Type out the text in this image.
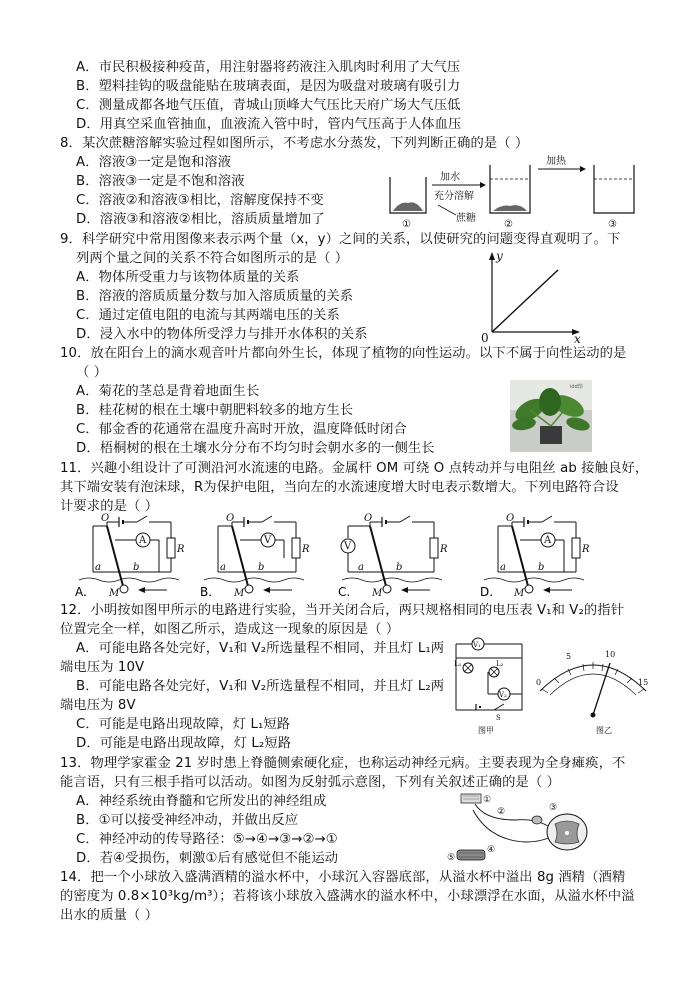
A．市民积极接种疫苗，用注射器将药液注入肌肉时利用了大气压
B．塑料挂钩的吸盘能贴在玻璃表面，是因为吸盘对玻璃有吸引力
C．测量成都各地气压值，青城山顶峰大气压比天府广场大气压低
D．用真空采血管抽血，血液流入管中时，管内气压高于人体血压
8．某次蔗糖溶解实验过程如图所示，不考虑水分蒸发，下列判断正确的是（ ）
A．溶液③一定是饱和溶液
B．溶液③一定是不饱和溶液
C．溶液②和溶液③相比，溶解度保持不变
D．溶液③和溶液②相比，溶质质量增加了	①
加水
充分溶解
蔗糖
②
加热
③
9．科学研究中常用图像来表示两个量（x，y）之间的关系，以使研究的问题变得直观明了。下
列两个量之间的关系不符合如图所示的是（ ）
A．物体所受重力与该物体质量的关系
B．溶液的溶质质量分数与加入溶质质量的关系
C．通过定值电阻的电流与其两端电压的关系
D．浸入水中的物体所受浮力与排开水体积的关系
y
x
0
10．放在阳台上的滴水观音叶片都向外生长，体现了植物的向性运动。以下不属于向性运动的是
（ ）
A．菊花的茎总是背着地面生长
B．桂花树的根在土壤中朝肥料较多的地方生长
C．郁金香的花通常在温度升高时开放，温度降低时闭合
D．梧桐树的根在土壤水分分布不均匀时会朝水多的一侧生长
idd图
11．兴趣小组设计了可测沿河水流速的电路。金属杆 OM 可绕 O 点转动并与电阻丝 ab 接触良好，
其下端安装有泡沫球，R为保护电阻，当向左的水流速度增大时电表示数增大。下列电路符合设
计要求的是（ ）
A.
R
O
a	b
A
M	B.
R
O
a	b
V
M	C.
R
O
V
a	b
M	D.
R
O
a	b
A
M
12．小明按如图甲所示的电路进行实验，当开关闭合后，两只规格相同的电压表 V₁和 V₂的指针
位置完全一样，如图乙所示，造成这一现象的原因是（ ）
A．可能电路各处完好，V₁和 V₂所选量程不相同，并且灯 L₁两
端电压为 10V
B．可能电路各处完好，V₁和 V₂所选量程不相同，并且灯 L₂两
端电压为 8V
C．可能是电路出现故障，灯 L₁短路
D．可能是电路出现故障，灯 L₂短路
V₁
L₁	L₂
V₂
S
图甲
0
5	10
15
图乙
13．物理学家霍金 21 岁时患上脊髓侧索硬化症，也称运动神经元病。主要表现为全身瘫痪，不
能言语，只有三根手指可以活动。如图为反射弧示意图，下列有关叙述正确的是（ ）
A．神经系统由脊髓和它所发出的神经组成
B．①可以接受神经冲动，并做出反应
C．神经冲动的传导路径：⑤→④→③→②→①
D．若④受损伤，刺激①后有感觉但不能运动
①
②	③
④
⑤
14．把一个小球放入盛满酒精的溢水杯中，小球沉入容器底部，从溢水杯中溢出 8g 酒精（酒精
的密度为 0.8×10³kg/m³）；若将该小球放入盛满水的溢水杯中，小球漂浮在水面，从溢水杯中溢
出水的质量（ ）
